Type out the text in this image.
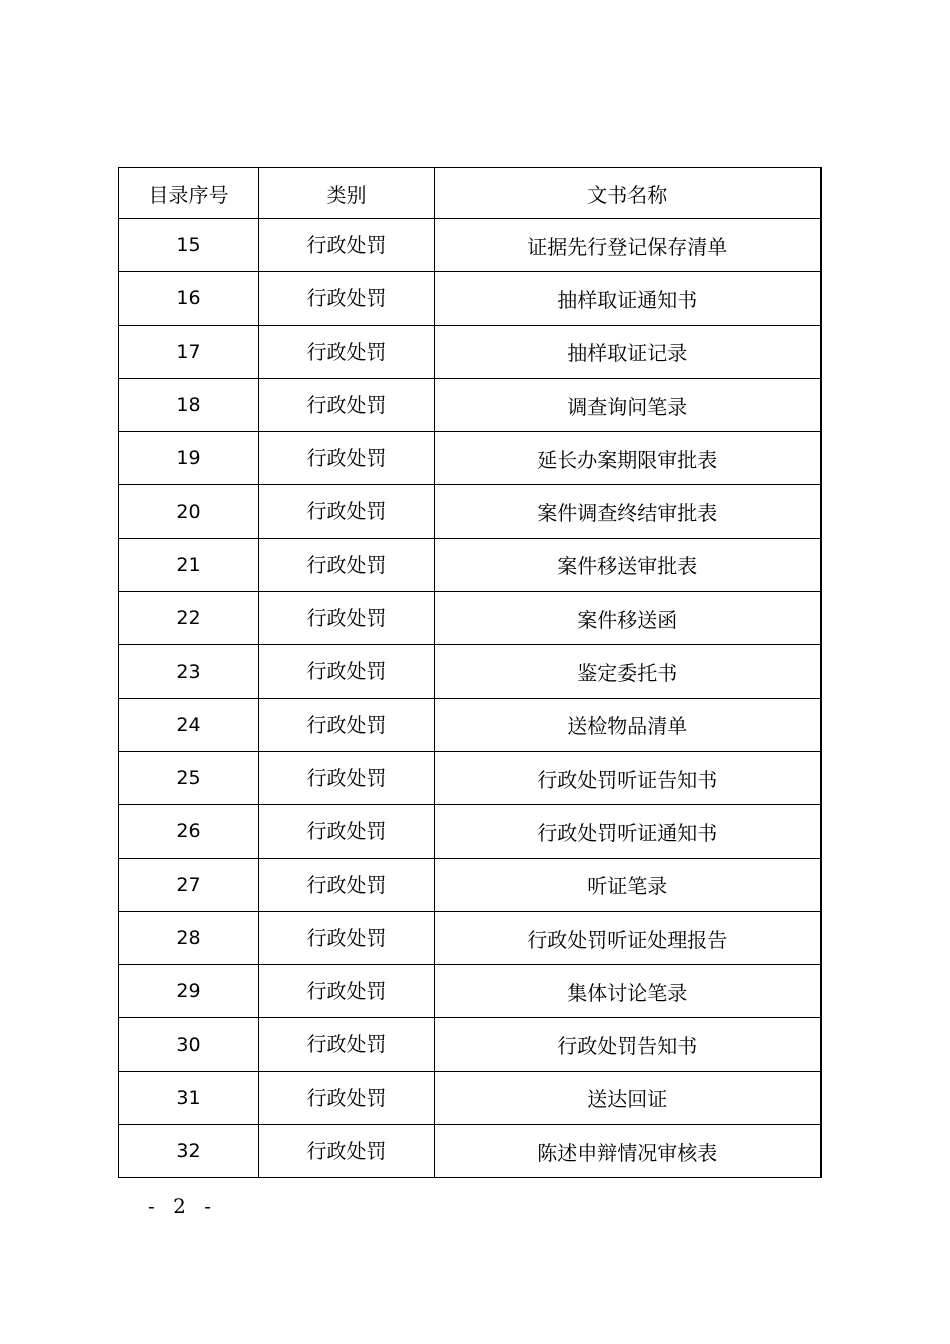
目录序号	类别	文书名称
15	行政处罚	证据先行登记保存清单
16	行政处罚	抽样取证通知书
17	行政处罚	抽样取证记录
18	行政处罚	调查询问笔录
19	行政处罚	延长办案期限审批表
20	行政处罚	案件调查终结审批表
21	行政处罚	案件移送审批表
22	行政处罚	案件移送函
23	行政处罚	鉴定委托书
24	行政处罚	送检物品清单
25	行政处罚	行政处罚听证告知书
26	行政处罚	行政处罚听证通知书
27	行政处罚	听证笔录
28	行政处罚	行政处罚听证处理报告
29	行政处罚	集体讨论笔录
30	行政处罚	行政处罚告知书
31	行政处罚	送达回证
32	行政处罚	陈述申辩情况审核表
- 2 -
